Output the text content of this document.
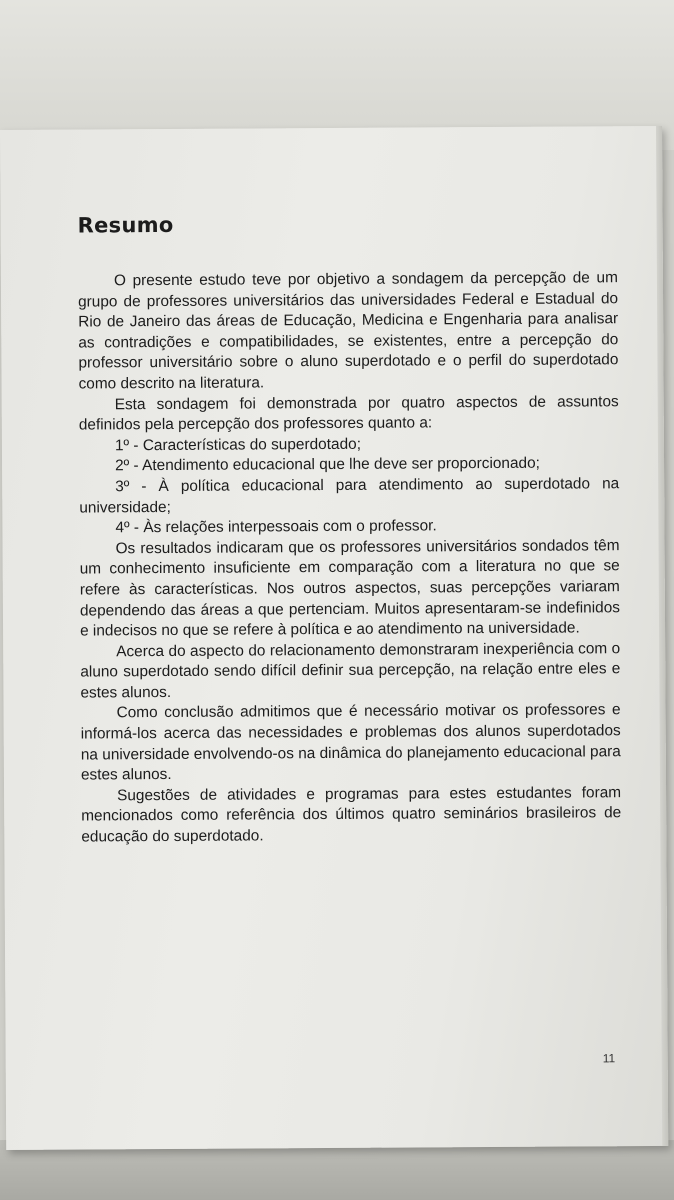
Resumo

O presente estudo teve por objetivo a sondagem da percepção de um grupo de professores universitários das universidades Federal e Estadual do Rio de Janeiro das áreas de Educação, Medicina e Engenharia para analisar as contradições e compatibilidades, se existentes, entre a percepção do professor universitário sobre o aluno superdotado e o perfil do superdotado como descrito na literatura.

Esta sondagem foi demonstrada por quatro aspectos de assuntos definidos pela percepção dos professores quanto a:

1º - Características do superdotado;

2º - Atendimento educacional que lhe deve ser proporcionado;

3º - À política educacional para atendimento ao superdotado na universidade;

4º - Às relações interpessoais com o professor.

Os resultados indicaram que os professores universitários sondados têm um conhecimento insuficiente em comparação com a literatura no que se refere às características. Nos outros aspectos, suas percepções variaram dependendo das áreas a que pertenciam. Muitos apresentaram-se indefinidos e indecisos no que se refere à política e ao atendimento na universidade.

Acerca do aspecto do relacionamento demonstraram inexperiência com o aluno superdotado sendo difícil definir sua percepção, na relação entre eles e estes alunos.

Como conclusão admitimos que é necessário motivar os professores e informá-los acerca das necessidades e problemas dos alunos superdotados na universidade envolvendo-os na dinâmica do planejamento educacional para estes alunos.

Sugestões de atividades e programas para estes estudantes foram mencionados como referência dos últimos quatro seminários brasileiros de educação do superdotado.

11
